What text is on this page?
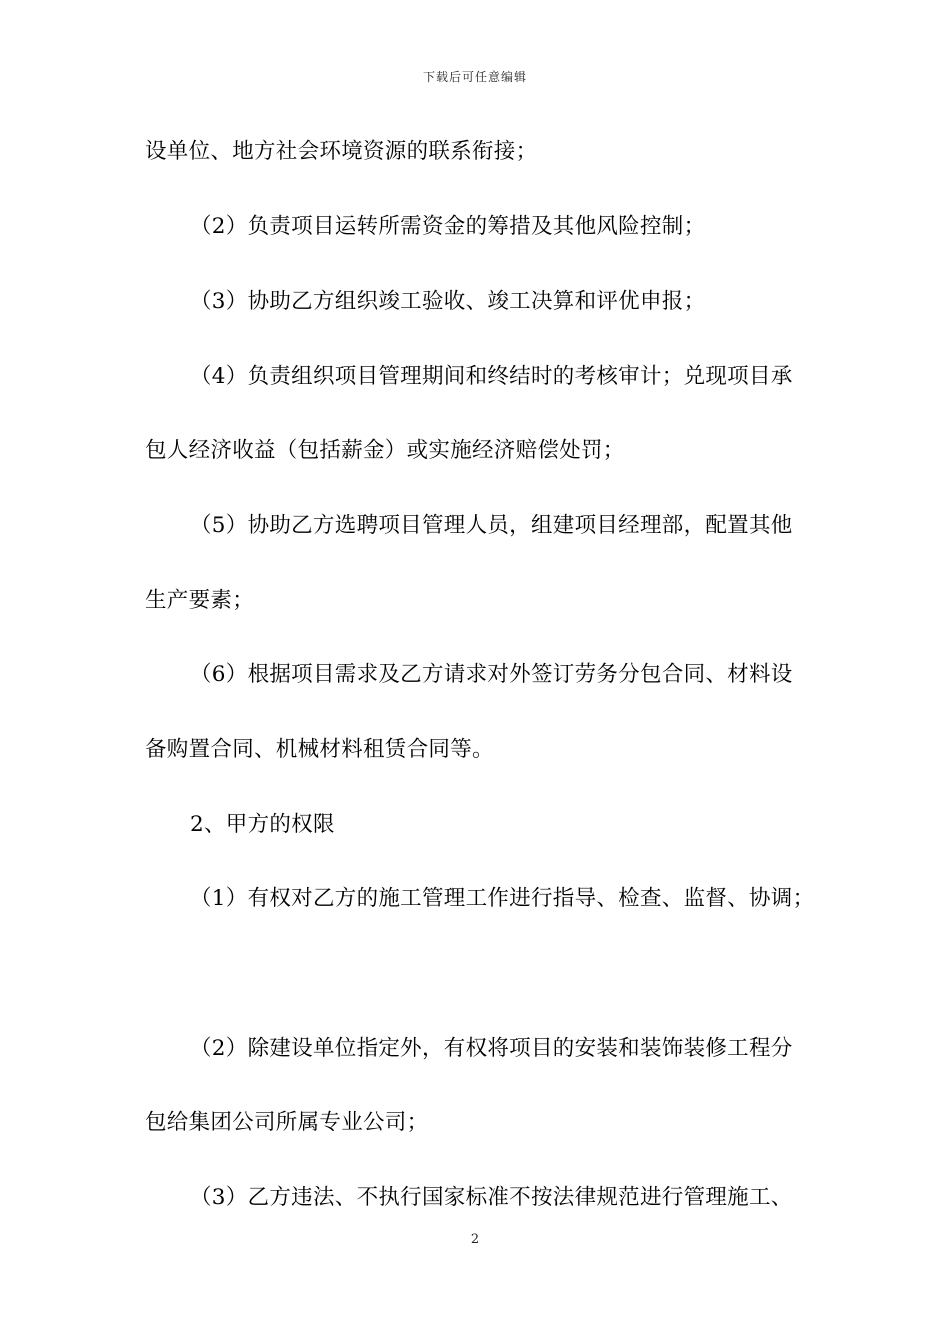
下载后可任意编辑
设单位、地方社会环境资源的联系衔接；
（2）负责项目运转所需资金的筹措及其他风险控制；
（3）协助乙方组织竣工验收、竣工决算和评优申报；
（4）负责组织项目管理期间和终结时的考核审计；兑现项目承
包人经济收益（包括薪金）或实施经济赔偿处罚；
（5）协助乙方选聘项目管理人员，组建项目经理部，配置其他
生产要素；
（6）根据项目需求及乙方请求对外签订劳务分包合同、材料设
备购置合同、机械材料租赁合同等。
2、甲方的权限
（1）有权对乙方的施工管理工作进行指导、检查、监督、协调；
（2）除建设单位指定外，有权将项目的安装和装饰装修工程分
包给集团公司所属专业公司；
（3）乙方违法、不执行国家标准不按法律规范进行管理施工、
2
